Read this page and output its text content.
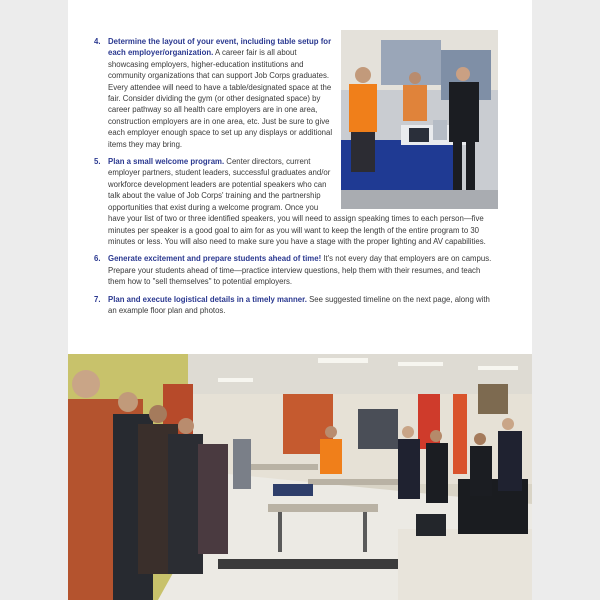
4. Determine the layout of your event, including table setup for each employer/organization. A career fair is all about showcasing employers, higher-education institutions and community organizations that can support Job Corps graduates. Every attendee will need to have a table/designated space at the fair. Consider dividing the gym (or other designated space) by career pathway so all health care employers are in one area, construction employers are in one area, etc. Just be sure to give each employer enough space to set up any displays or additional items they may bring.
5. Plan a small welcome program. Center directors, current employer partners, student leaders, successful graduates and/or workforce development leaders are potential speakers who can talk about the value of Job Corps' training and the partnership opportunities that exist during a welcome program. Once you have your list of two or three identified speakers, you will need to assign speaking times to each person—five minutes per speaker is a good goal to aim for as you will want to keep the length of the entire program to 30 minutes or less. You will also need to make sure you have a stage with the proper lighting and AV capabilities.
6. Generate excitement and prepare students ahead of time! It's not every day that employers are on campus. Prepare your students ahead of time—practice interview questions, help them with their resumes, and teach them how to "sell themselves" to potential employers.
7. Plan and execute logistical details in a timely manner. See suggested timeline on the next page, along with an example floor plan and photos.
